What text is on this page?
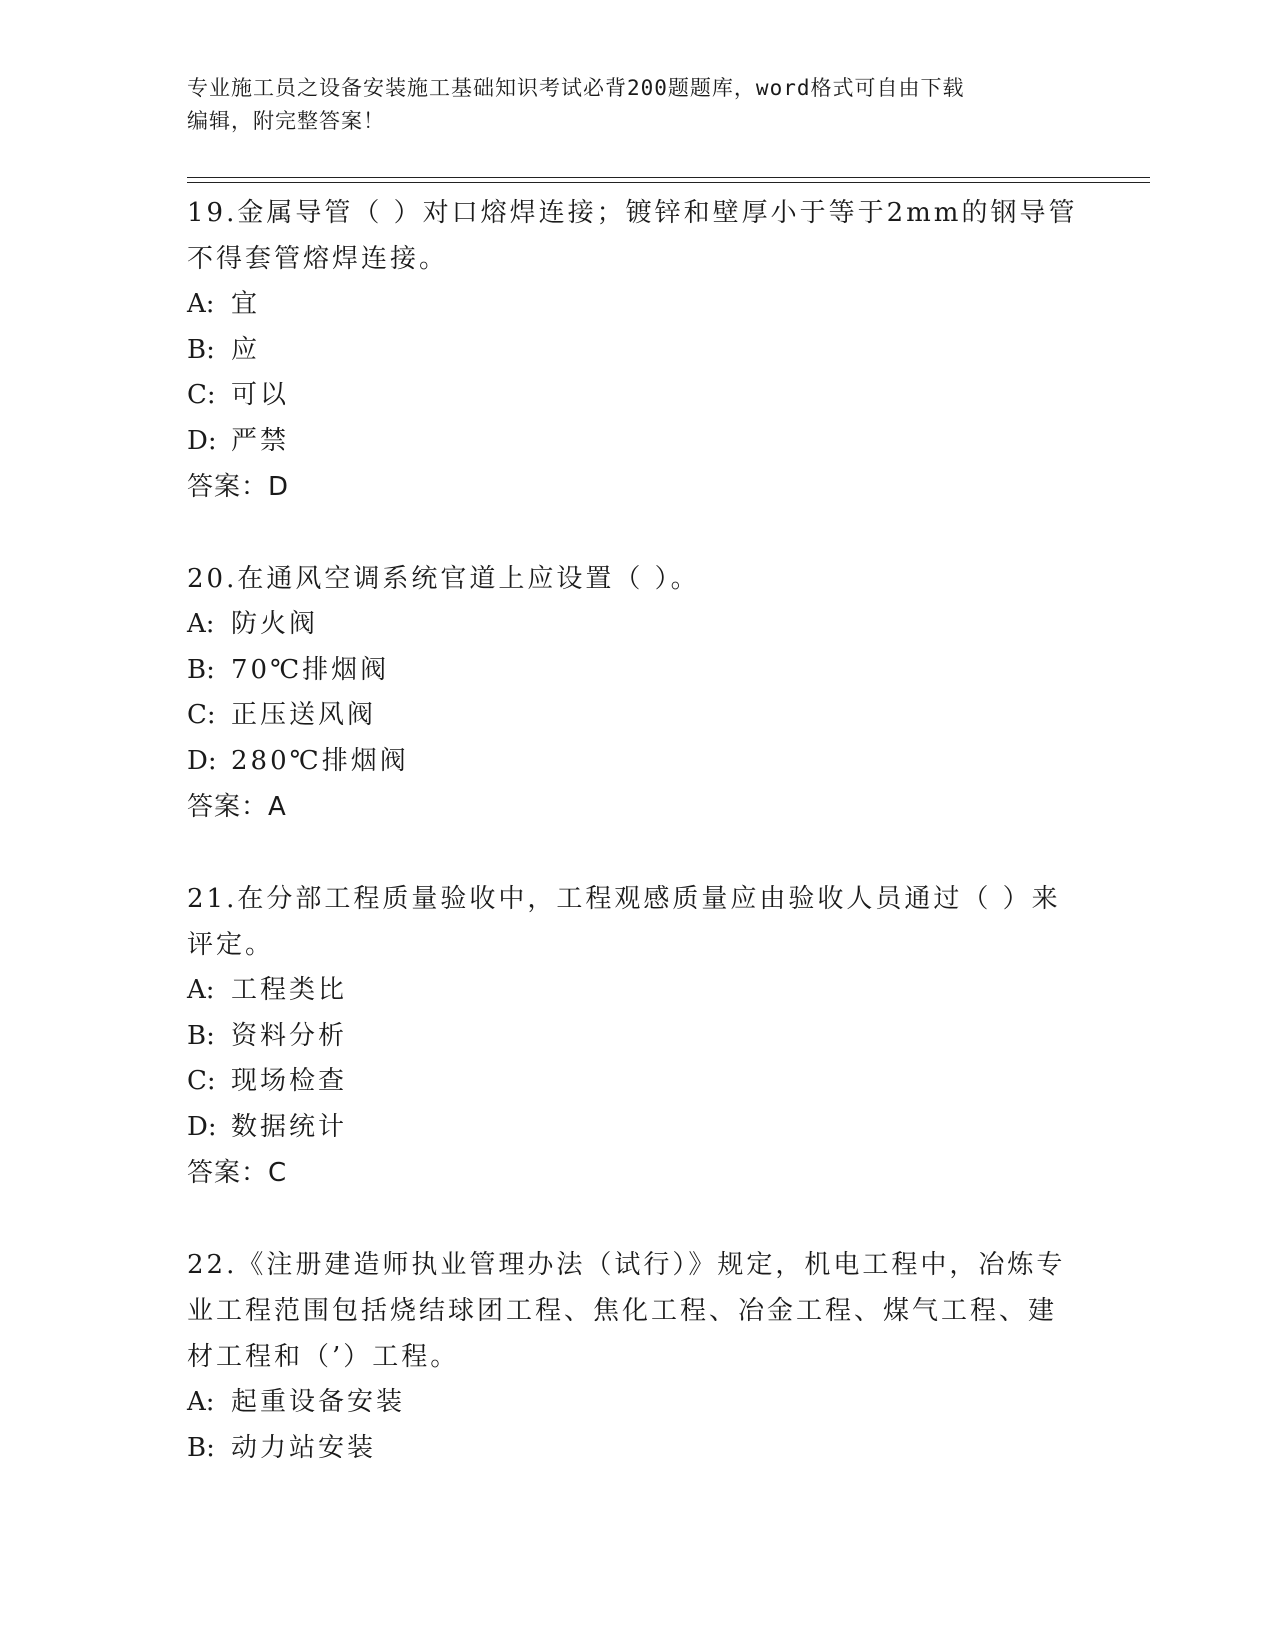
专业施工员之设备安装施工基础知识考试必背200题题库，word格式可自由下载
编辑，附完整答案！
19.金属导管（ ）对口熔焊连接；镀锌和壁厚小于等于2mm的钢导管
不得套管熔焊连接。
A: 宜
B: 应
C: 可以
D: 严禁
答案：D
20.在通风空调系统官道上应设置（ ）。
A: 防火阀
B: 70℃排烟阀
C: 正压送风阀
D: 280℃排烟阀
答案：A
21.在分部工程质量验收中，工程观感质量应由验收人员通过（ ）来
评定。
A: 工程类比
B: 资料分析
C: 现场检查
D: 数据统计
答案：C
22.《注册建造师执业管理办法（试行）》规定，机电工程中，冶炼专
业工程范围包括烧结球团工程、焦化工程、冶金工程、煤气工程、建
材工程和（’）工程。
A: 起重设备安装
B: 动力站安装
